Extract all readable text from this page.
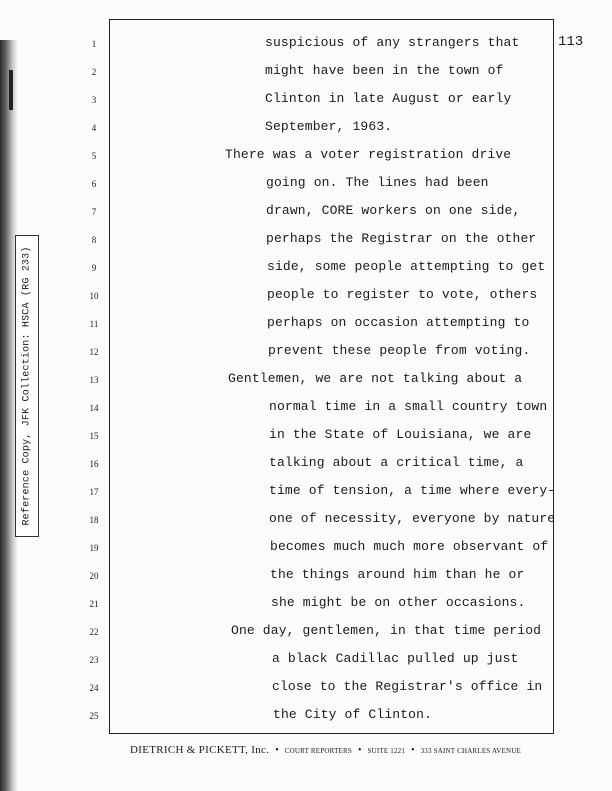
Reference Copy, JFK Collection: HSCA (RG 233)
113
1
2
3
4
5
6
7
8
9
10
11
12
13
14
15
16
17
18
19
20
21
22
23
24
25
suspicious of any strangers that
might have been in the town of
Clinton in late August or early
September, 1963.
There was a voter registration drive
going on. The lines had been
drawn, CORE workers on one side,
perhaps the Registrar on the other
side, some people attempting to get
people to register to vote, others
perhaps on occasion attempting to
prevent these people from voting.
Gentlemen, we are not talking about a
normal time in a small country town
in the State of Louisiana, we are
talking about a critical time, a
time of tension, a time where every-
one of necessity, everyone by nature
becomes much much more observant of
the things around him than he or
she might be on other occasions.
One day, gentlemen, in that time period
a black Cadillac pulled up just
close to the Registrar's office in
the City of Clinton.
DIETRICH & PICKETT, Inc. • COURT REPORTERS • SUITE 1221 • 333 SAINT CHARLES AVENUE
